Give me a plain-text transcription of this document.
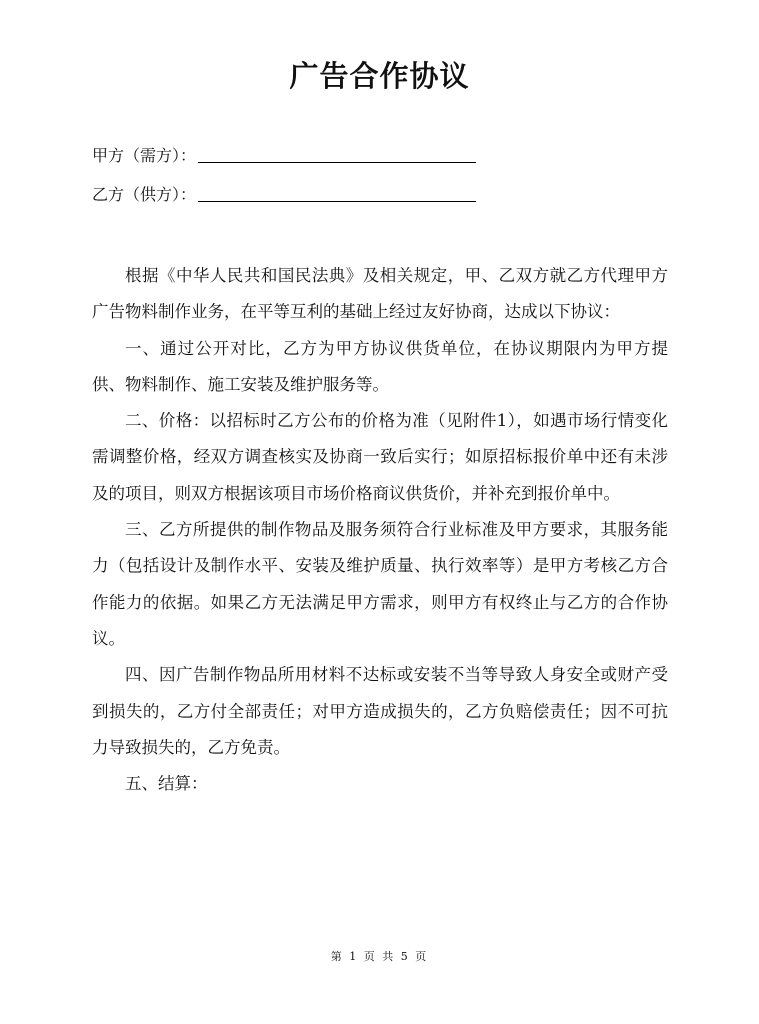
广告合作协议
甲方（需方）：
乙方（供方）：

根据《中华人民共和国民法典》及相关规定，甲、乙双方就乙方代理甲方广告物料制作业务，在平等互利的基础上经过友好协商，达成以下协议：

一、通过公开对比，乙方为甲方协议供货单位，在协议期限内为甲方提供、物料制作、施工安装及维护服务等。

二、价格：以招标时乙方公布的价格为准（见附件1），如遇市场行情变化需调整价格，经双方调查核实及协商一致后实行；如原招标报价单中还有未涉及的项目，则双方根据该项目市场价格商议供货价，并补充到报价单中。

三、乙方所提供的制作物品及服务须符合行业标准及甲方要求，其服务能力（包括设计及制作水平、安装及维护质量、执行效率等）是甲方考核乙方合作能力的依据。如果乙方无法满足甲方需求，则甲方有权终止与乙方的合作协议。

四、因广告制作物品所用材料不达标或安装不当等导致人身安全或财产受到损失的，乙方付全部责任；对甲方造成损失的，乙方负赔偿责任；因不可抗力导致损失的，乙方免责。

五、结算：

第 1 页 共 5 页
